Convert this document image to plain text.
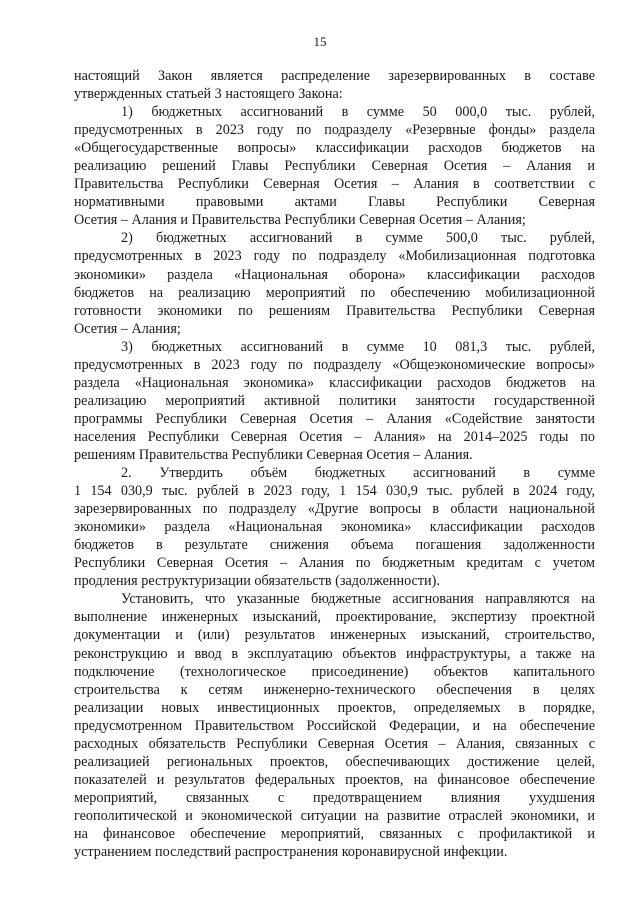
15
настоящий Закон является распределение зарезервированных в составе
утвержденных статьей 3 настоящего Закона:
1) бюджетных ассигнований в сумме 50 000,0 тыс. рублей,
предусмотренных в 2023 году по подразделу «Резервные фонды» раздела
«Общегосударственные вопросы» классификации расходов бюджетов на
реализацию решений Главы Республики Северная Осетия – Алания и
Правительства Республики Северная Осетия – Алания в соответствии с
нормативными правовыми актами Главы Республики Северная
Осетия – Алания и Правительства Республики Северная Осетия – Алания;
2) бюджетных ассигнований в сумме 500,0 тыс. рублей,
предусмотренных в 2023 году по подразделу «Мобилизационная подготовка
экономики» раздела «Национальная оборона» классификации расходов
бюджетов на реализацию мероприятий по обеспечению мобилизационной
готовности экономики по решениям Правительства Республики Северная
Осетия – Алания;
3) бюджетных ассигнований в сумме 10 081,3 тыс. рублей,
предусмотренных в 2023 году по подразделу «Общеэкономические вопросы»
раздела «Национальная экономика» классификации расходов бюджетов на
реализацию мероприятий активной политики занятости государственной
программы Республики Северная Осетия – Алания «Содействие занятости
населения Республики Северная Осетия – Алания» на 2014–2025 годы по
решениям Правительства Республики Северная Осетия – Алания.
2. Утвердить объём бюджетных ассигнований в сумме
1 154 030,9 тыс. рублей в 2023 году, 1 154 030,9 тыс. рублей в 2024 году,
зарезервированных по подразделу «Другие вопросы в области национальной
экономики» раздела «Национальная экономика» классификации расходов
бюджетов в результате снижения объема погашения задолженности
Республики Северная Осетия – Алания по бюджетным кредитам с учетом
продления реструктуризации обязательств (задолженности).
Установить, что указанные бюджетные ассигнования направляются на
выполнение инженерных изысканий, проектирование, экспертизу проектной
документации и (или) результатов инженерных изысканий, строительство,
реконструкцию и ввод в эксплуатацию объектов инфраструктуры, а также на
подключение (технологическое присоединение) объектов капитального
строительства к сетям инженерно-технического обеспечения в целях
реализации новых инвестиционных проектов, определяемых в порядке,
предусмотренном Правительством Российской Федерации, и на обеспечение
расходных обязательств Республики Северная Осетия – Алания, связанных с
реализацией региональных проектов, обеспечивающих достижение целей,
показателей и результатов федеральных проектов, на финансовое обеспечение
мероприятий, связанных с предотвращением влияния ухудшения
геополитической и экономической ситуации на развитие отраслей экономики, и
на финансовое обеспечение мероприятий, связанных с профилактикой и
устранением последствий распространения коронавирусной инфекции.
